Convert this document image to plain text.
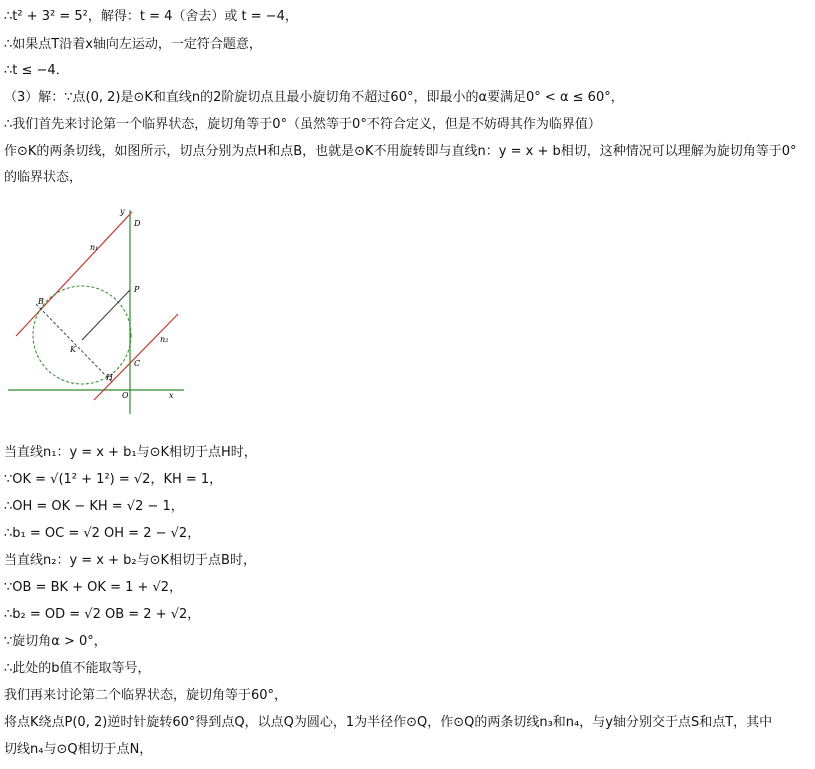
∴t² + 3² = 5²，解得：t = 4（舍去）或 t = −4，
∴如果点T沿着x轴向左运动，一定符合题意，
∴t ≤ −4．
（3）解：∵点(0, 2)是⊙K和直线n的2阶旋切点且最小旋切角不超过60°，即最小的α要满足0° < α ≤ 60°，
∴我们首先来讨论第一个临界状态，旋切角等于0°（虽然等于0°不符合定义，但是不妨碍其作为临界值）
作⊙K的两条切线，如图所示，切点分别为点H和点B，也就是⊙K不用旋转即与直线n：y = x + b相切，这种情况可以理解为旋切角等于0°
的临界状态，
y
x
D
n₁
P
B
K
C
n₂
H
O
当直线n₁：y = x + b₁与⊙K相切于点H时，
∵OK = √(1² + 1²) = √2，KH = 1，
∴OH = OK − KH = √2 − 1，
∴b₁ = OC = √2 OH = 2 − √2，
当直线n₂：y = x + b₂与⊙K相切于点B时，
∵OB = BK + OK = 1 + √2，
∴b₂ = OD = √2 OB = 2 + √2，
∵旋切角α > 0°，
∴此处的b值不能取等号，
我们再来讨论第二个临界状态，旋切角等于60°，
将点K绕点P(0, 2)逆时针旋转60°得到点Q，以点Q为圆心，1为半径作⊙Q，作⊙Q的两条切线n₃和n₄，与y轴分别交于点S和点T，其中
切线n₄与⊙Q相切于点N，
